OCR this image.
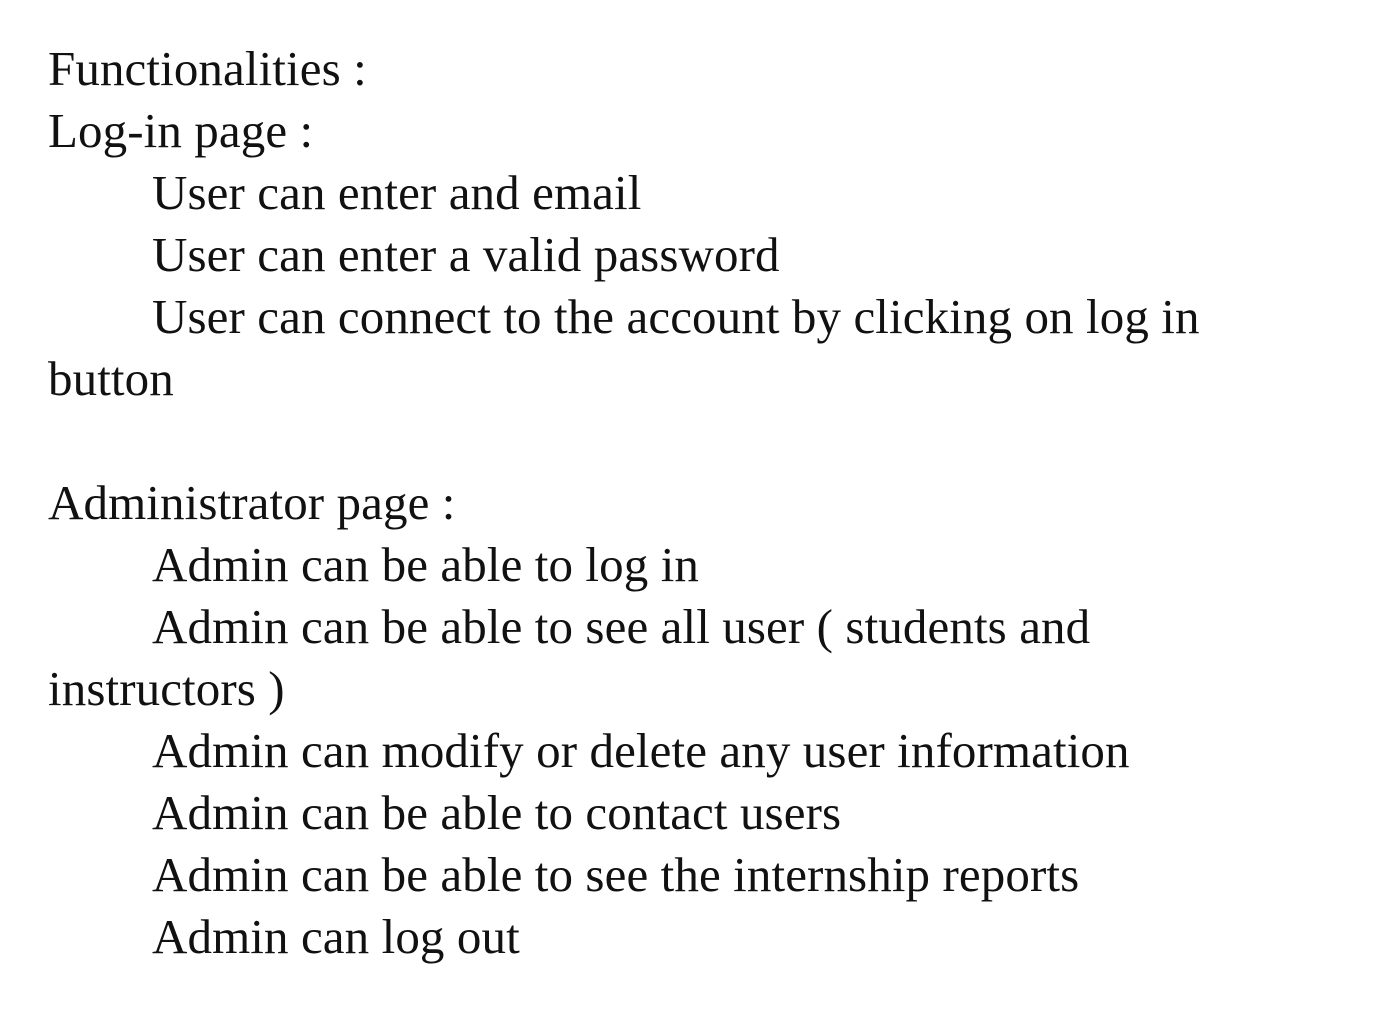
Functionalities :
Log-in page :
User can enter and email
User can enter a valid password
User can connect to the account by clicking on log in
button
Administrator page :
Admin can be able to log in
Admin can be able to see all user ( students and
instructors )
Admin can modify or delete any user information
Admin can be able to contact users
Admin can be able to see the internship reports
Admin can log out
